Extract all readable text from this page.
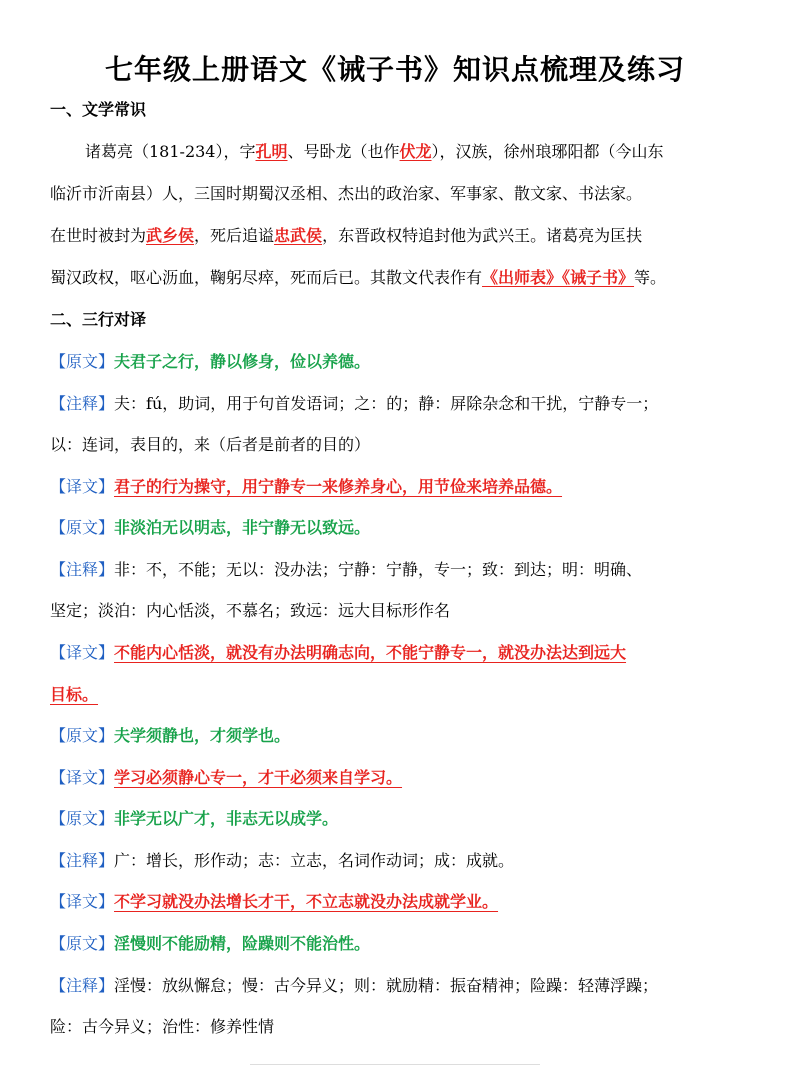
七年级上册语文《诫子书》知识点梳理及练习
一、文学常识
诸葛亮（181-234），字孔明、号卧龙（也作伏龙），汉族，徐州琅琊阳都（今山东
临沂市沂南县）人，三国时期蜀汉丞相、杰出的政治家、军事家、散文家、书法家。
在世时被封为武乡侯，死后追谥忠武侯，东晋政权特追封他为武兴王。诸葛亮为匡扶
蜀汉政权，呕心沥血，鞠躬尽瘁，死而后已。其散文代表作有《出师表》《诫子书》等。
二、三行对译
【原文】夫君子之行，静以修身，俭以养德。
【注释】夫：fú，助词，用于句首发语词；之：的；静：屏除杂念和干扰，宁静专一；
以：连词，表目的，来（后者是前者的目的）
【译文】君子的行为操守，用宁静专一来修养身心，用节俭来培养品德。
【原文】非淡泊无以明志，非宁静无以致远。
【注释】非：不，不能；无以：没办法；宁静：宁静，专一；致：到达；明：明确、
坚定；淡泊：内心恬淡，不慕名；致远：远大目标形作名
【译文】不能内心恬淡，就没有办法明确志向，不能宁静专一，就没办法达到远大
目标。
【原文】夫学须静也，才须学也。
【译文】学习必须静心专一，才干必须来自学习。
【原文】非学无以广才，非志无以成学。
【注释】广：增长，形作动；志：立志，名词作动词；成：成就。
【译文】不学习就没办法增长才干，不立志就没办法成就学业。
【原文】淫慢则不能励精，险躁则不能治性。
【注释】淫慢：放纵懈怠；慢：古今异义；则：就励精：振奋精神；险躁：轻薄浮躁；
险：古今异义；治性：修养性情
